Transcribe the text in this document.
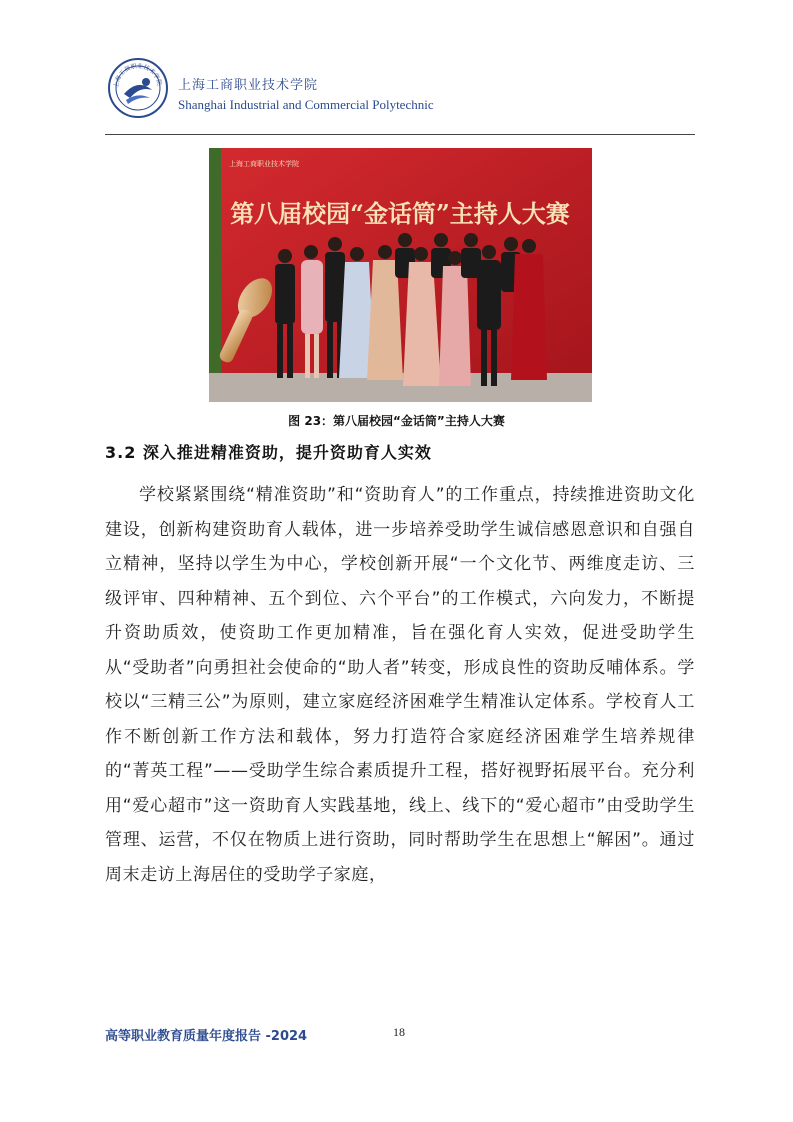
上海工商职业技术学院 上海工商职业技术学院
Shanghai Industrial and Commercial Polytechnic
上海工商职业技术学院
第八届校园“金话筒”主持人大赛
图 23：第八届校园“金话筒”主持人大赛
3.2 深入推进精准资助，提升资助育人实效

学校紧紧围绕“精准资助”和“资助育人”的工作重点，持续推进资助文化建设，创新构建资助育人载体，进一步培养受助学生诚信感恩意识和自强自立精神，坚持以学生为中心，学校创新开展“一个文化节、两维度走访、三级评审、四种精神、五个到位、六个平台”的工作模式，六向发力，不断提升资助质效，使资助工作更加精准，旨在强化育人实效，促进受助学生从“受助者”向勇担社会使命的“助人者”转变，形成良性的资助反哺体系。学校以“三精三公”为原则，建立家庭经济困难学生精准认定体系。学校育人工作不断创新工作方法和载体，努力打造符合家庭经济困难学生培养规律的“菁英工程”——受助学生综合素质提升工程，搭好视野拓展平台。充分利用“爱心超市”这一资助育人实践基地，线上、线下的“爱心超市”由受助学生管理、运营，不仅在物质上进行资助，同时帮助学生在思想上“解困”。通过周末走访上海居住的受助学子家庭，

高等职业教育质量年度报告 -2024	18
